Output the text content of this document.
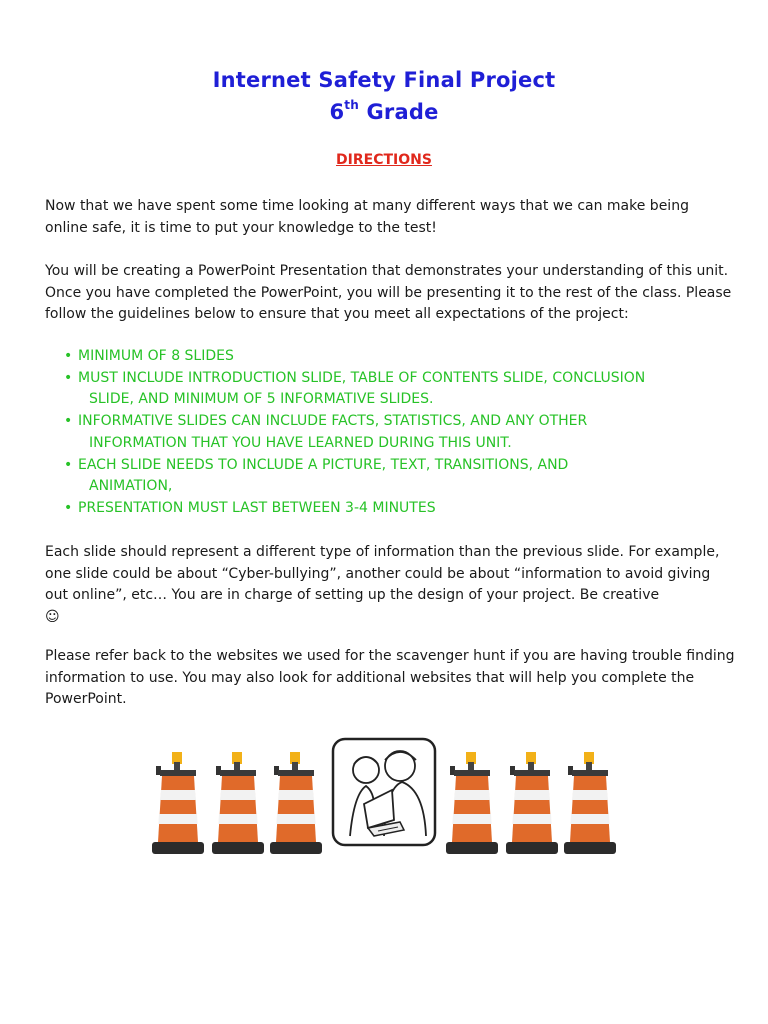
Internet Safety Final Project
6th Grade
DIRECTIONS
Now that we have spent some time looking at many different ways that we can make being online safe, it is time to put your knowledge to the test!
You will be creating a PowerPoint Presentation that demonstrates your understanding of this unit. Once you have completed the PowerPoint, you will be presenting it to the rest of the class. Please follow the guidelines below to ensure that you meet all expectations of the project:
• MINIMUM OF 8 SLIDES
• MUST INCLUDE INTRODUCTION SLIDE, TABLE OF CONTENTS SLIDE, CONCLUSION
SLIDE, AND MINIMUM OF 5 INFORMATIVE SLIDES.
• INFORMATIVE SLIDES CAN INCLUDE FACTS, STATISTICS, AND ANY OTHER
INFORMATION THAT YOU HAVE LEARNED DURING THIS UNIT.
• EACH SLIDE NEEDS TO INCLUDE A PICTURE, TEXT, TRANSITIONS, AND
ANIMATION,
• PRESENTATION MUST LAST BETWEEN 3-4 MINUTES
Each slide should represent a different type of information than the previous slide. For example, one slide could be about “Cyber-bullying”, another could be about “information to avoid giving out online”, etc… You are in charge of setting up the design of your project. Be creative
☺
Please refer back to the websites we used for the scavenger hunt if you are having trouble finding information to use. You may also look for additional websites that will help you complete the PowerPoint.
